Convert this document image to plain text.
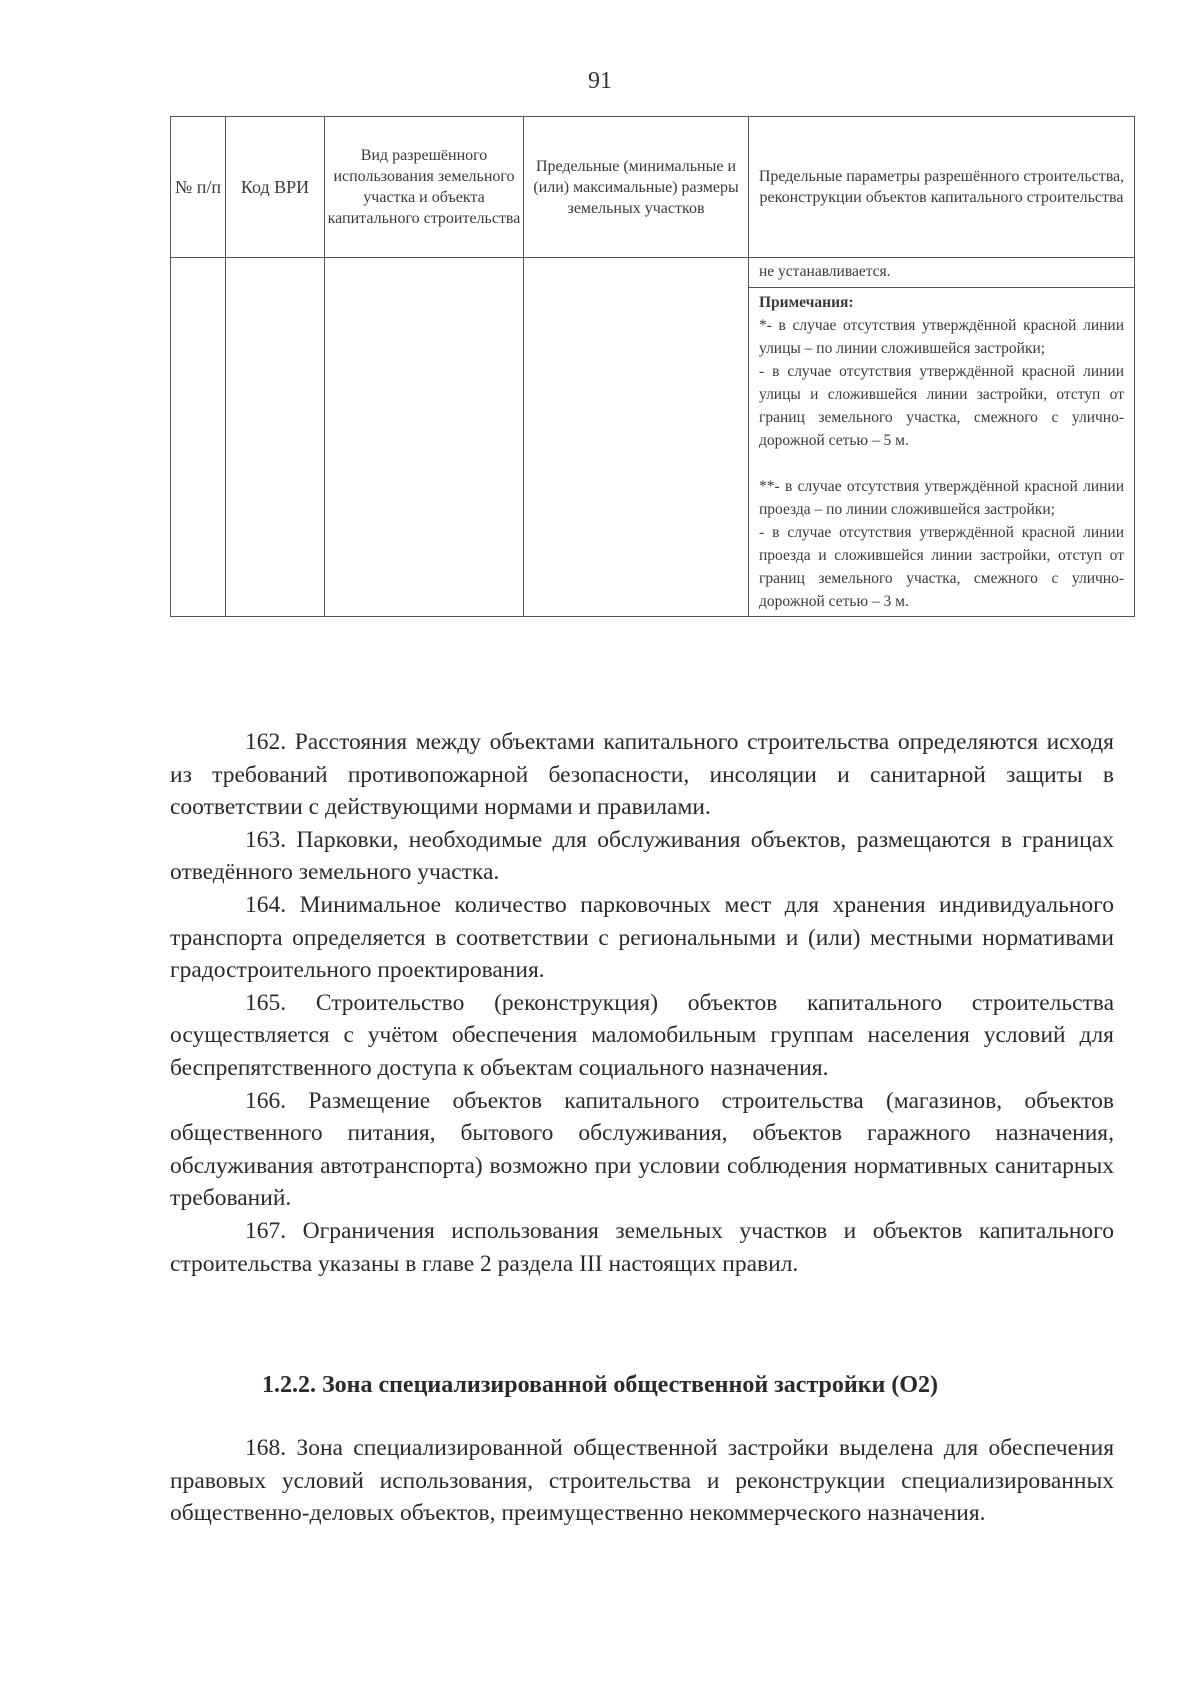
91
№ п/п	Код ВРИ	Вид разрешённого использования земельного участка и объекта капитального строительства	Предельные (минимальные и (или) максимальные) размеры земельных участков	Предельные параметры разрешённого строительства, реконструкции объектов капитального строительства

				не устанавливается.

				Примечания:
*- в случае отсутствия утверждённой красной линии улицы – по линии сложившейся застройки;
- в случае отсутствия утверждённой красной линии улицы и сложившейся линии застройки, отступ от границ земельного участка, смежного с улично-дорожной сетью – 5 м.
**- в случае отсутствия утверждённой красной линии проезда – по линии сложившейся застройки;
- в случае отсутствия утверждённой красной линии проезда и сложившейся линии застройки, отступ от границ земельного участка, смежного с улично-дорожной сетью – 3 м.

162. Расстояния между объектами капитального строительства определяются исходя из требований противопожарной безопасности, инсоляции и санитарной защиты в соответствии с действующими нормами и правилами.

163. Парковки, необходимые для обслуживания объектов, размещаются в границах отведённого земельного участка.

164. Минимальное количество парковочных мест для хранения индивидуального транспорта определяется в соответствии с региональными и (или) местными нормативами градостроительного проектирования.

165. Строительство (реконструкция) объектов капитального строительства осуществляется с учётом обеспечения маломобильным группам населения условий для беспрепятственного доступа к объектам социального назначения.

166. Размещение объектов капитального строительства (магазинов, объектов общественного питания, бытового обслуживания, объектов гаражного назначения, обслуживания автотранспорта) возможно при условии соблюдения нормативных санитарных требований.

167. Ограничения использования земельных участков и объектов капитального строительства указаны в главе 2 раздела III настоящих правил.

1.2.2. Зона специализированной общественной застройки (О2)

168. Зона специализированной общественной застройки выделена для обеспечения правовых условий использования, строительства и реконструкции специализированных общественно-деловых объектов, преимущественно некоммерческого назначения.
